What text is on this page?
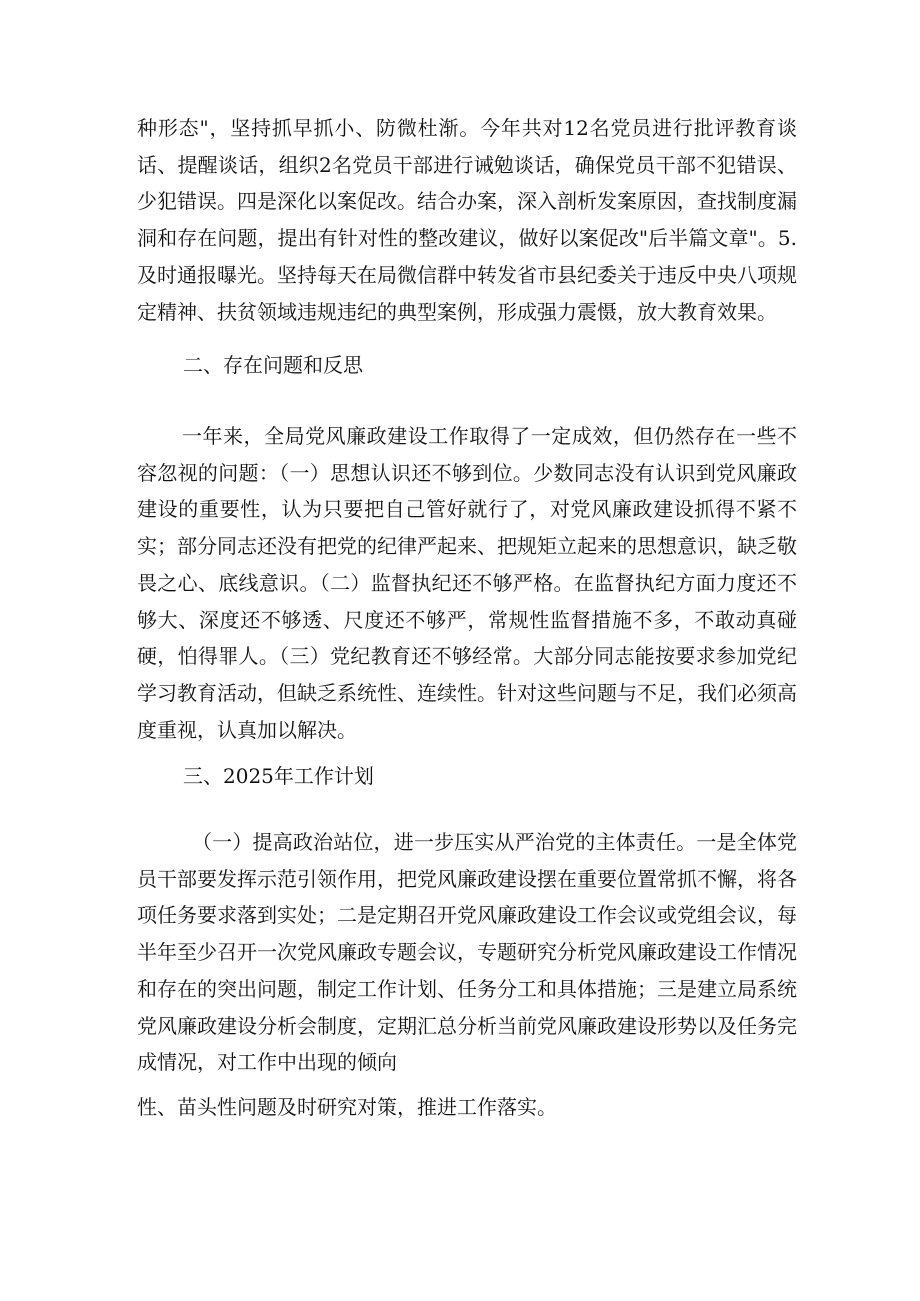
种形态"，坚持抓早抓小、防微杜渐。今年共对12名党员进行批评教育谈话、提醒谈话，组织2名党员干部进行诫勉谈话，确保党员干部不犯错误、少犯错误。四是深化以案促改。结合办案，深入剖析发案原因，查找制度漏洞和存在问题，提出有针对性的整改建议，做好以案促改"后半篇文章"。5.及时通报曝光。坚持每天在局微信群中转发省市县纪委关于违反中央八项规定精神、扶贫领域违规违纪的典型案例，形成强力震慑，放大教育效果。

二、存在问题和反思

一年来，全局党风廉政建设工作取得了一定成效，但仍然存在一些不容忽视的问题：（一）思想认识还不够到位。少数同志没有认识到党风廉政建设的重要性，认为只要把自己管好就行了，对党风廉政建设抓得不紧不实；部分同志还没有把党的纪律严起来、把规矩立起来的思想意识，缺乏敬畏之心、底线意识。（二）监督执纪还不够严格。在监督执纪方面力度还不够大、深度还不够透、尺度还不够严，常规性监督措施不多，不敢动真碰硬，怕得罪人。（三）党纪教育还不够经常。大部分同志能按要求参加党纪学习教育活动，但缺乏系统性、连续性。针对这些问题与不足，我们必须高度重视，认真加以解决。

三、2025年工作计划

（一）提高政治站位，进一步压实从严治党的主体责任。一是全体党员干部要发挥示范引领作用，把党风廉政建设摆在重要位置常抓不懈，将各项任务要求落到实处；二是定期召开党风廉政建设工作会议或党组会议，每半年至少召开一次党风廉政专题会议，专题研究分析党风廉政建设工作情况和存在的突出问题，制定工作计划、任务分工和具体措施；三是建立局系统党风廉政建设分析会制度，定期汇总分析当前党风廉政建设形势以及任务完成情况，对工作中出现的倾向

性、苗头性问题及时研究对策，推进工作落实。
